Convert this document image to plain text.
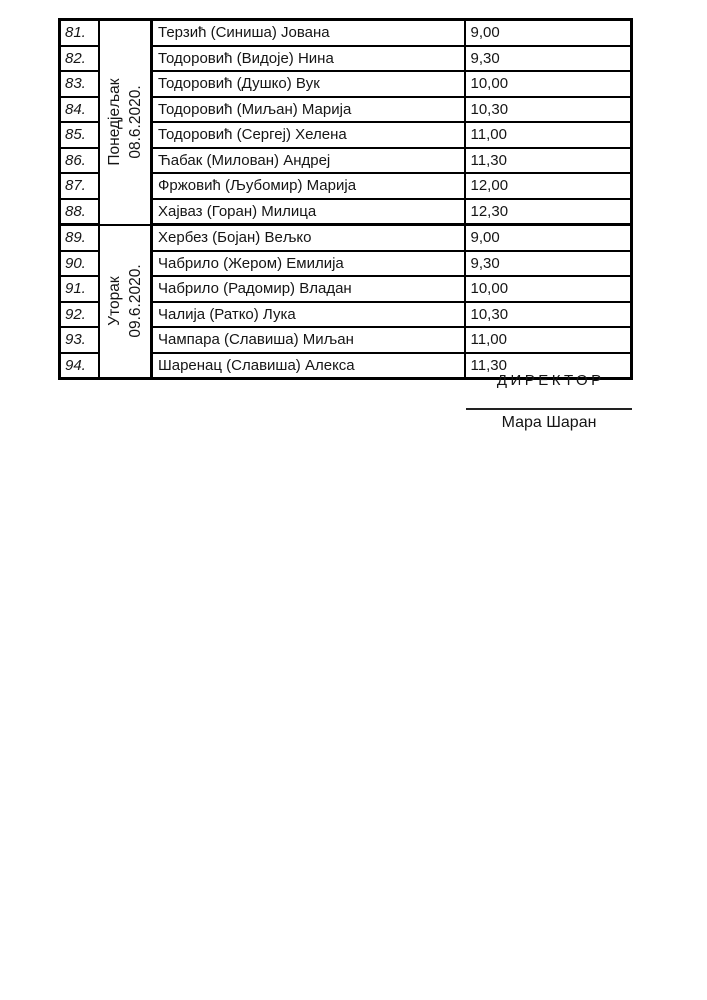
81.	Понедјељак 08.6.2020.	Терзић (Синиша) Јована	9,00
82.		Тодоровић (Видоје) Нина	9,30
83.		Тодоровић (Душко) Вук	10,00
84.		Тодоровић (Миљан) Марија	10,30
85.		Тодоровић (Сергеј) Хелена	11,00
86.		Ћабак (Милован) Андреј	11,30
87.		Фржовић (Љубомир) Марија	12,00
88.		Хајваз (Горан) Милица	12,30
89.	Уторак 09.6.2020.	Хербез (Бојан) Вељко	9,00
90.		Чабрило (Жером) Емилија	9,30
91.		Чабрило (Радомир) Владан	10,00
92.		Чалија (Ратко) Лука	10,30
93.		Чампара (Славиша) Миљан	11,00
94.		Шаренац (Славиша) Алекса	11,30
ДИРЕКТОР
Мара Шаран
